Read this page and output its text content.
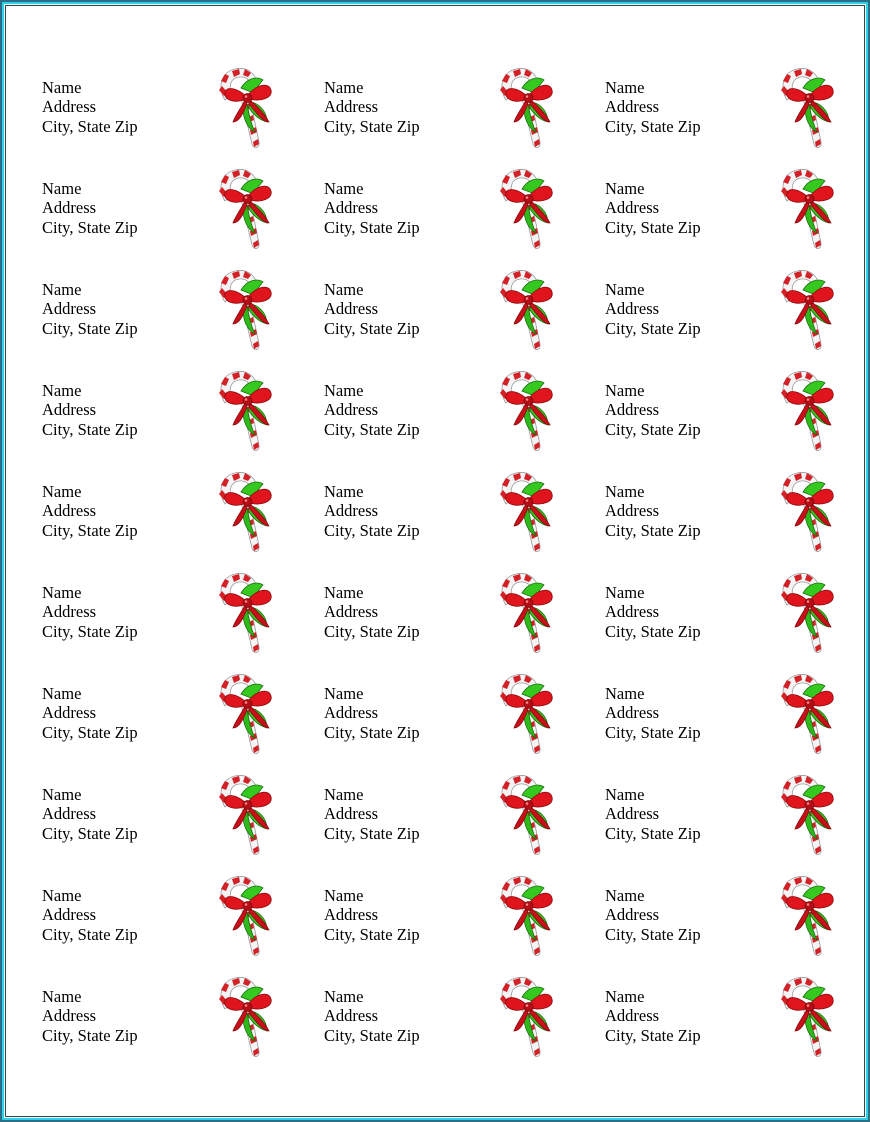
Name
Address
City, State Zip
Name
Address
City, State Zip
Name
Address
City, State Zip
Name
Address
City, State Zip
Name
Address
City, State Zip
Name
Address
City, State Zip
Name
Address
City, State Zip
Name
Address
City, State Zip
Name
Address
City, State Zip
Name
Address
City, State Zip
Name
Address
City, State Zip
Name
Address
City, State Zip
Name
Address
City, State Zip
Name
Address
City, State Zip
Name
Address
City, State Zip
Name
Address
City, State Zip
Name
Address
City, State Zip
Name
Address
City, State Zip
Name
Address
City, State Zip
Name
Address
City, State Zip
Name
Address
City, State Zip
Name
Address
City, State Zip
Name
Address
City, State Zip
Name
Address
City, State Zip
Name
Address
City, State Zip
Name
Address
City, State Zip
Name
Address
City, State Zip
Name
Address
City, State Zip
Name
Address
City, State Zip
Name
Address
City, State Zip
